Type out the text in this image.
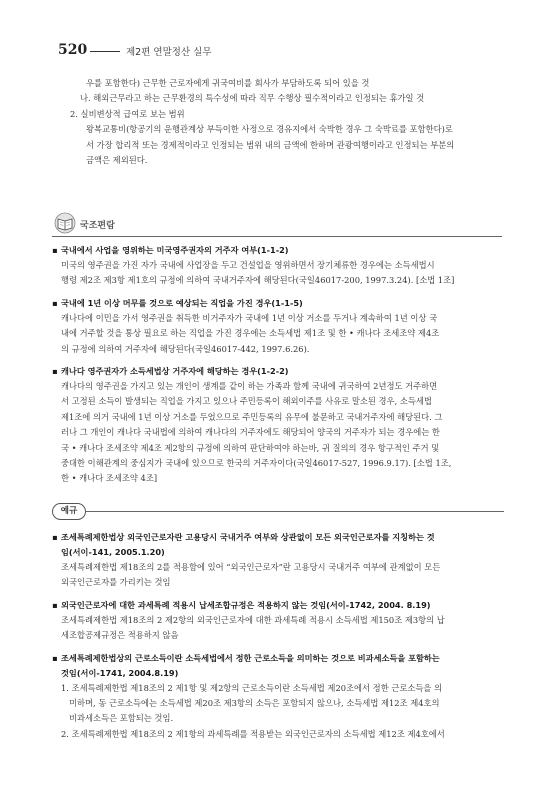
520	제2편 연말정산 실무
우를 포함한다) 근무한 근로자에게 귀국여비를 회사가 부담하도록 되어 있을 것
나. 해외근무라고 하는 근무환경의 특수성에 따라 직무 수행상 필수적이라고 인정되는 휴가일 것
2. 실비변상적 급여로 보는 범위
왕복교통비(항공기의 운행관계상 부득이한 사정으로 경유지에서 숙박한 경우 그 숙박료를 포함한다)로
서 가장 합리적 또는 경제적이라고 인정되는 범위 내의 금액에 한하며 관광여행이라고 인정되는 부분의
금액은 제외된다.
국조편람
▪ 국내에서 사업을 영위하는 미국영주권자의 거주자 여부(1-1-2)
미국의 영주권을 가진 자가 국내에 사업장을 두고 건설업을 영위하면서 장기체류한 경우에는 소득세법시
행령 제2조 제3항 제1호의 규정에 의하여 국내거주자에 해당된다(국일46017-200, 1997.3.24). [소법 1조]
▪ 국내에 1년 이상 머무를 것으로 예상되는 직업을 가진 경우(1-1-5)
캐나다에 이민을 가서 영주권을 취득한 비거주자가 국내에 1년 이상 거소를 두거나 계속하여 1년 이상 국
내에 거주할 것을 통상 필요로 하는 직업을 가진 경우에는 소득세법 제1조 및 한 • 캐나다 조세조약 제4조
의 규정에 의하여 거주자에 해당된다(국일46017-442, 1997.6.26).
▪ 캐나다 영주권자가 소득세법상 거주자에 해당하는 경우(1-2-2)
캐나다의 영주권을 가지고 있는 개인이 생계를 같이 하는 가족과 함께 국내에 귀국하여 2년정도 거주하면
서 고정된 소득이 발생되는 직업을 가지고 있으나 주민등록이 해외이주를 사유로 말소된 경우, 소득세법
제1조에 의거 국내에 1년 이상 거소를 두었으므로 주민등록의 유무에 불문하고 국내거주자에 해당된다. 그
러나 그 개인이 캐나다 국내법에 의하여 캐나다의 거주자에도 해당되어 양국의 거주자가 되는 경우에는 한
국 • 캐나다 조세조약 제4조 제2항의 규정에 의하여 판단하여야 하는바, 귀 질의의 경우 항구적인 주거 및
중대한 이해관계의 중심지가 국내에 있으므로 한국의 거주자이다(국일46017-527, 1996.9.17). [소법 1조,
한 • 캐나다 조세조약 4조]
예규
▪ 조세특례제한법상 외국인근로자란 고용당시 국내거주 여부와 상관없이 모든 외국인근로자를 지칭하는 것
임(서이-141, 2005.1.20)
조세특례제한법 제18조의 2를 적용함에 있어 “외국인근로자”란 고용당시 국내거주 여부에 관계없이 모든
외국인근로자를 가리키는 것임
▪ 외국인근로자에 대한 과세특례 적용시 납세조합규정은 적용하지 않는 것임(서이-1742, 2004. 8.19)
조세특례제한법 제18조의 2 제2항의 외국인근로자에 대한 과세특례 적용시 소득세법 제150조 제3항의 납
세조합공제규정은 적용하지 않음
▪ 조세특례제한법상의 근로소득이란 소득세법에서 정한 근로소득을 의미하는 것으로 비과세소득을 포함하는
것임(서이-1741, 2004.8.19)
1. 조세특례제한법 제18조의 2 제1항 및 제2항의 근로소득이란 소득세법 제20조에서 정한 근로소득을 의
미하며, 동 근로소득에는 소득세법 제20조 제3항의 소득은 포함되지 않으나, 소득세법 제12조 제4호의
비과세소득은 포함되는 것임.
2. 조세특례제한법 제18조의 2 제1항의 과세특례를 적용받는 외국인근로자의 소득세법 제12조 제4호에서
